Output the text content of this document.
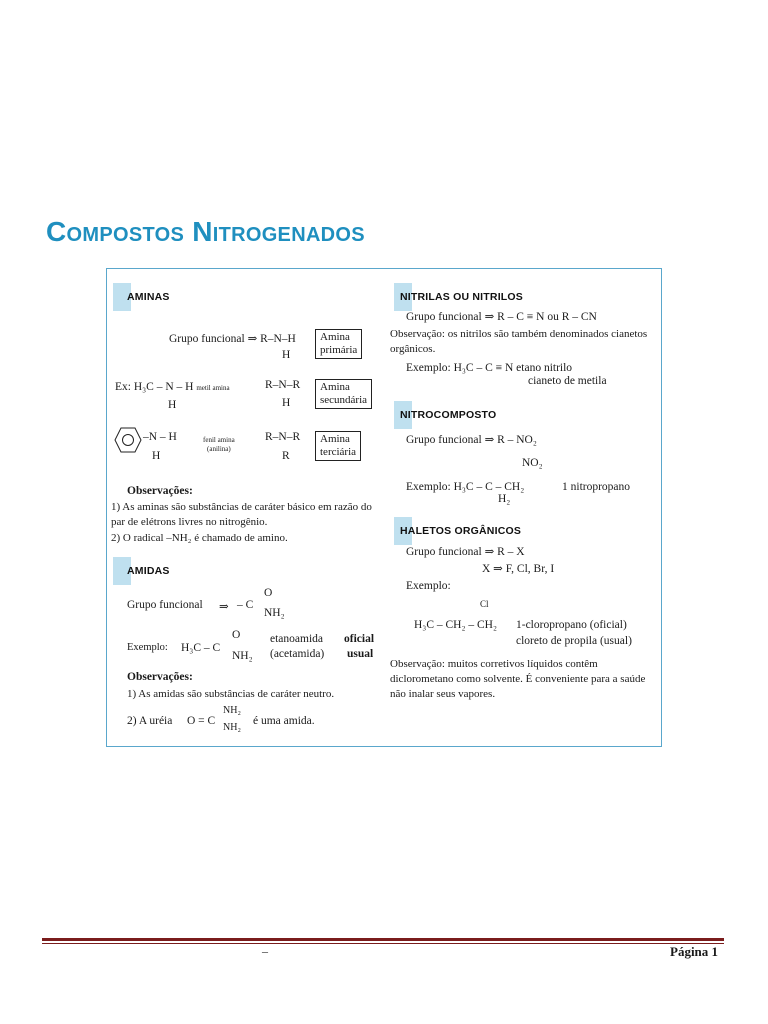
Compostos Nitrogenados
AMINAS
Grupo funcional ⇒ R–N–H
H
Amina
primária
Ex: H₃C – N – H metil amina
H
R–N–R
H
Amina
secundária
–N – H	fenil amina
(anilina)
H
R–N–R
R
Amina
terciária
Observações:
1) As aminas são substâncias de caráter básico em razão do par de elétrons livres no nitrogênio.
2) O radical –NH₂ é chamado de amino.
AMIDAS
Grupo funcional ⇒ – C
O
NH₂
Exemplo: H₃C – C
O
NH₂
etanoamida oficial
(acetamida) usual
Observações:
1) As amidas são substâncias de caráter neutro.
2) A uréia O = C
NH₂
NH₂
é uma amida.
NITRILAS OU NITRILOS
Grupo funcional ⇒ R – C ≡ N ou R – CN
Observação: os nitrilos são também denominados cianetos orgânicos.
Exemplo: H₃C – C ≡ N etano nitrilo
cianeto de metila
NITROCOMPOSTO
Grupo funcional ⇒ R – NO₂
NO₂
Exemplo: H₃C – C – CH₂
H₂
1 nitropropano
HALETOS ORGÂNICOS
Grupo funcional ⇒ R – X
X ⇒ F, Cl, Br, I
Exemplo:
Cl
H₃C – CH₂ – CH₂ 1-cloropropano (oficial)
cloreto de propila (usual)
Observação: muitos corretivos líquidos contêm diclorometano como solvente. É conveniente para a saúde não inalar seus vapores.
–	Página 1
